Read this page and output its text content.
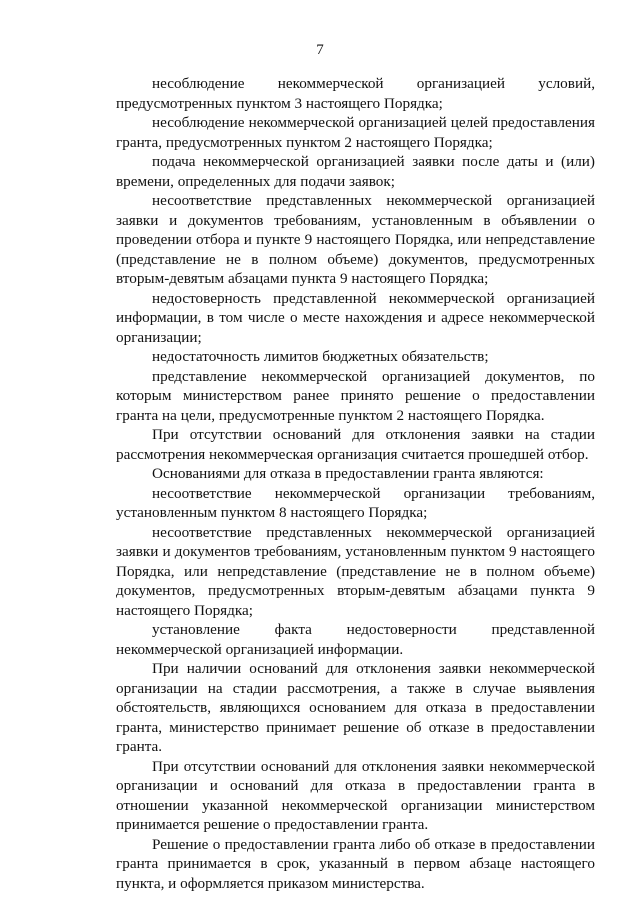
7

несоблюдение некоммерческой организацией условий, предусмотренных пунктом 3 настоящего Порядка;

несоблюдение некоммерческой организацией целей предоставления гранта, предусмотренных пунктом 2 настоящего Порядка;

подача некоммерческой организацией заявки после даты и (или) времени, определенных для подачи заявок;

несоответствие представленных некоммерческой организацией заявки и документов требованиям, установленным в объявлении о проведении отбора и пункте 9 настоящего Порядка, или непредставление (представление не в полном объеме) документов, предусмотренных вторым-девятым абзацами пункта 9 настоящего Порядка;

недостоверность представленной некоммерческой организацией информации, в том числе о месте нахождения и адресе некоммерческой организации;

недостаточность лимитов бюджетных обязательств;

представление некоммерческой организацией документов, по которым министерством ранее принято решение о предоставлении гранта на цели, предусмотренные пунктом 2 настоящего Порядка.

При отсутствии оснований для отклонения заявки на стадии рассмотрения некоммерческая организация считается прошедшей отбор.

Основаниями для отказа в предоставлении гранта являются:

несоответствие некоммерческой организации требованиям, установленным пунктом 8 настоящего Порядка;

несоответствие представленных некоммерческой организацией заявки и документов требованиям, установленным пунктом 9 настоящего Порядка, или непредставление (представление не в полном объеме) документов, предусмотренных вторым-девятым абзацами пункта 9 настоящего Порядка;

установление факта недостоверности представленной некоммерческой организацией информации.

При наличии оснований для отклонения заявки некоммерческой организации на стадии рассмотрения, а также в случае выявления обстоятельств, являющихся основанием для отказа в предоставлении гранта, министерство принимает решение об отказе в предоставлении гранта.

При отсутствии оснований для отклонения заявки некоммерческой организации и оснований для отказа в предоставлении гранта в отношении указанной некоммерческой организации министерством принимается решение о предоставлении гранта.

Решение о предоставлении гранта либо об отказе в предоставлении гранта принимается в срок, указанный в первом абзаце настоящего пункта, и оформляется приказом министерства.
